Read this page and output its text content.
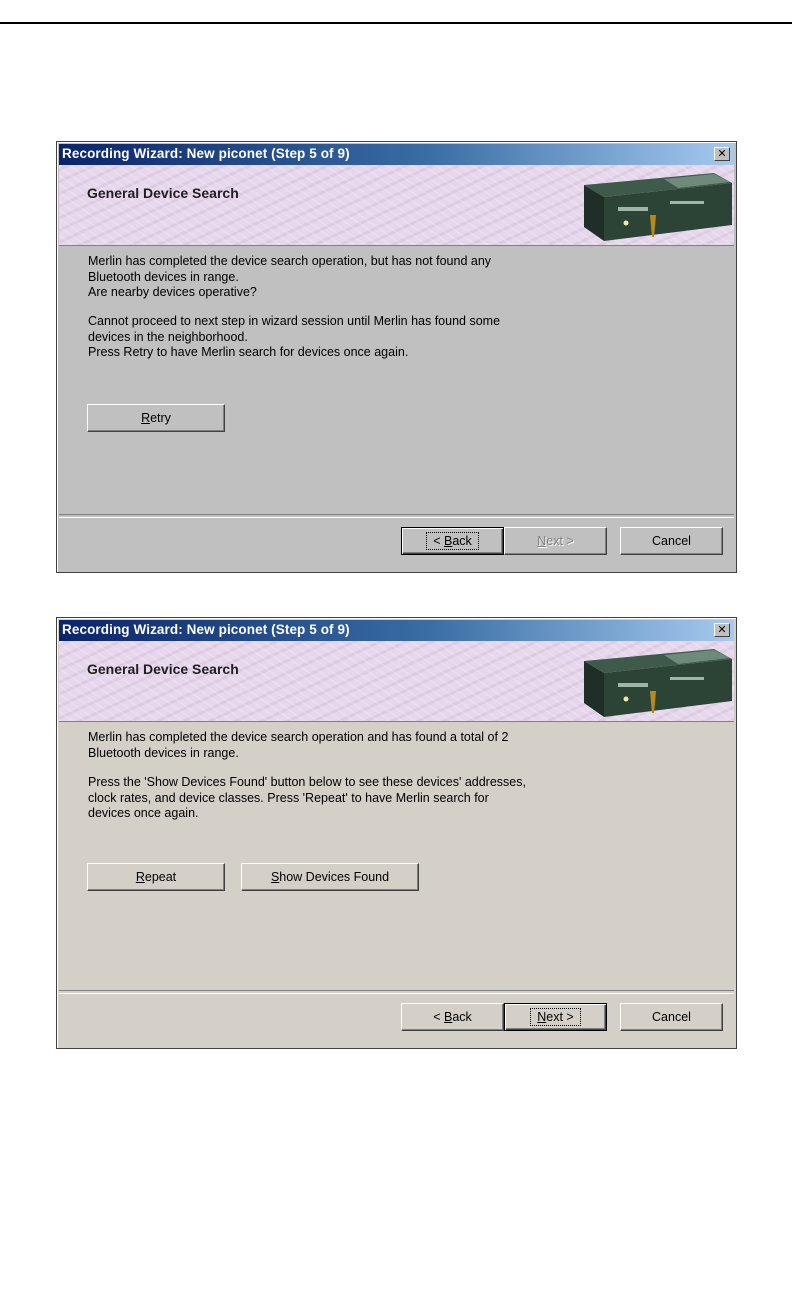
Recording Wizard: New piconet (Step 5 of 9)	✕
General Device Search

Merlin has completed the device search operation, but has not found any

Bluetooth devices in range.

Are nearby devices operative?

Cannot proceed to next step in wizard session until Merlin has found some

devices in the neighborhood.

Press Retry to have Merlin search for devices once again.

Retry
< Back	Next >	Cancel
Recording Wizard: New piconet (Step 5 of 9)	✕
General Device Search

Merlin has completed the device search operation and has found a total of 2

Bluetooth devices in range.

Press the 'Show Devices Found' button below to see these devices' addresses,

clock rates, and device classes. Press 'Repeat' to have Merlin search for

devices once again.

Repeat	Show Devices Found
< Back	Next >	Cancel
